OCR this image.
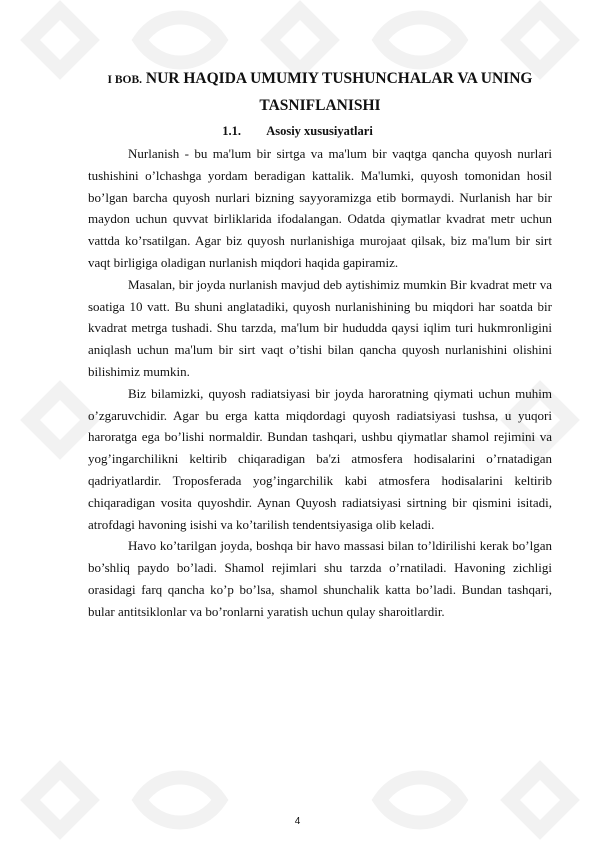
I BOB. NUR HAQIDA UMUMIY TUSHUNCHALAR VA UNING
TASNIFLANISHI
1.1. Asosiy xususiyatlari

Nurlanish - bu ma'lum bir sirtga va ma'lum bir vaqtga qancha quyosh nurlari tushishini o’lchashga yordam beradigan kattalik. Ma'lumki, quyosh tomonidan hosil bo’lgan barcha quyosh nurlari bizning sayyoramizga etib bormaydi. Nurlanish har bir maydon uchun quvvat birliklarida ifodalangan. Odatda qiymatlar kvadrat metr uchun vattda ko’rsatilgan. Agar biz quyosh nurlanishiga murojaat qilsak, biz ma'lum bir sirt vaqt birligiga oladigan nurlanish miqdori haqida gapiramiz.

Masalan, bir joyda nurlanish mavjud deb aytishimiz mumkin Bir kvadrat metr va soatiga 10 vatt. Bu shuni anglatadiki, quyosh nurlanishining bu miqdori har soatda bir kvadrat metrga tushadi. Shu tarzda, ma'lum bir hududda qaysi iqlim turi hukmronligini aniqlash uchun ma'lum bir sirt vaqt o’tishi bilan qancha quyosh nurlanishini olishini bilishimiz mumkin.

Biz bilamizki, quyosh radiatsiyasi bir joyda haroratning qiymati uchun muhim o’zgaruvchidir. Agar bu erga katta miqdordagi quyosh radiatsiyasi tushsa, u yuqori haroratga ega bo’lishi normaldir. Bundan tashqari, ushbu qiymatlar shamol rejimini va yog’ingarchilikni keltirib chiqaradigan ba'zi atmosfera hodisalarini o’rnatadigan qadriyatlardir. Troposferada yog’ingarchilik kabi atmosfera hodisalarini keltirib chiqaradigan vosita quyoshdir. Aynan Quyosh radiatsiyasi sirtning bir qismini isitadi, atrofdagi havoning isishi va ko’tarilish tendentsiyasiga olib keladi.

Havo ko’tarilgan joyda, boshqa bir havo massasi bilan to’ldirilishi kerak bo’lgan bo’shliq paydo bo’ladi. Shamol rejimlari shu tarzda o’rnatiladi. Havoning zichligi orasidagi farq qancha ko’p bo’lsa, shamol shunchalik katta bo’ladi. Bundan tashqari, bular antitsiklonlar va bo’ronlarni yaratish uchun qulay sharoitlardir.

4
